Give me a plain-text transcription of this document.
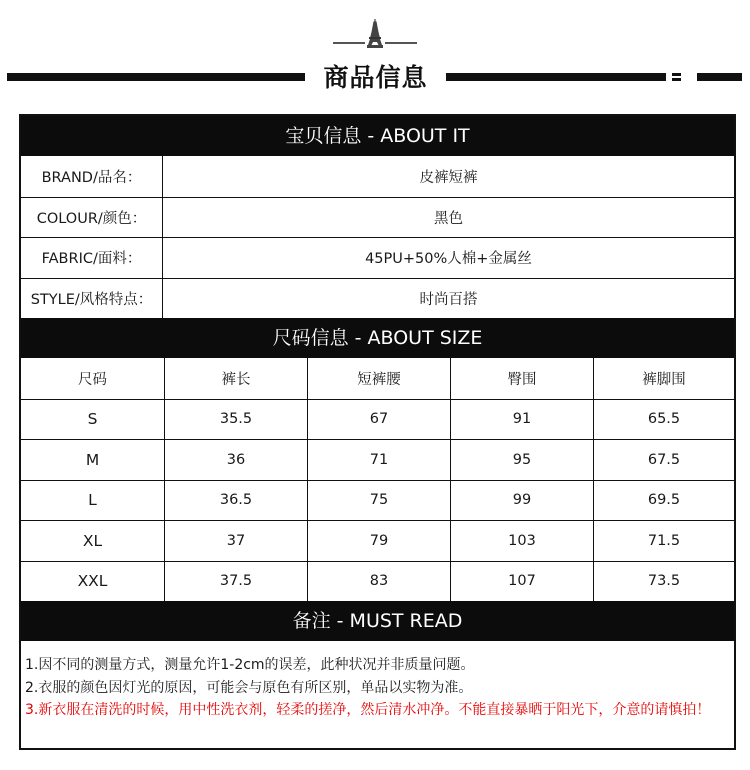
商品信息
宝贝信息 - ABOUT IT
BRAND/品名：	皮裤短裤
COLOUR/颜色：	黑色
FABRIC/面料：	45PU+50%人棉+金属丝
STYLE/风格特点：	时尚百搭
尺码信息 - ABOUT SIZE
尺码	裤长	短裤腰	臀围	裤脚围
S	35.5	67	91	65.5
M	36	71	95	67.5
L	36.5	75	99	69.5
XL	37	79	103	71.5
XXL	37.5	83	107	73.5
备注 - MUST READ

1.因不同的测量方式，测量允许1-2cm的误差，此种状况并非质量问题。

2.衣服的颜色因灯光的原因，可能会与原色有所区别，单品以实物为准。

3.新衣服在清洗的时候，用中性洗衣剂，轻柔的搓净，然后清水冲净。不能直接暴晒于阳光下，介意的请慎拍！
